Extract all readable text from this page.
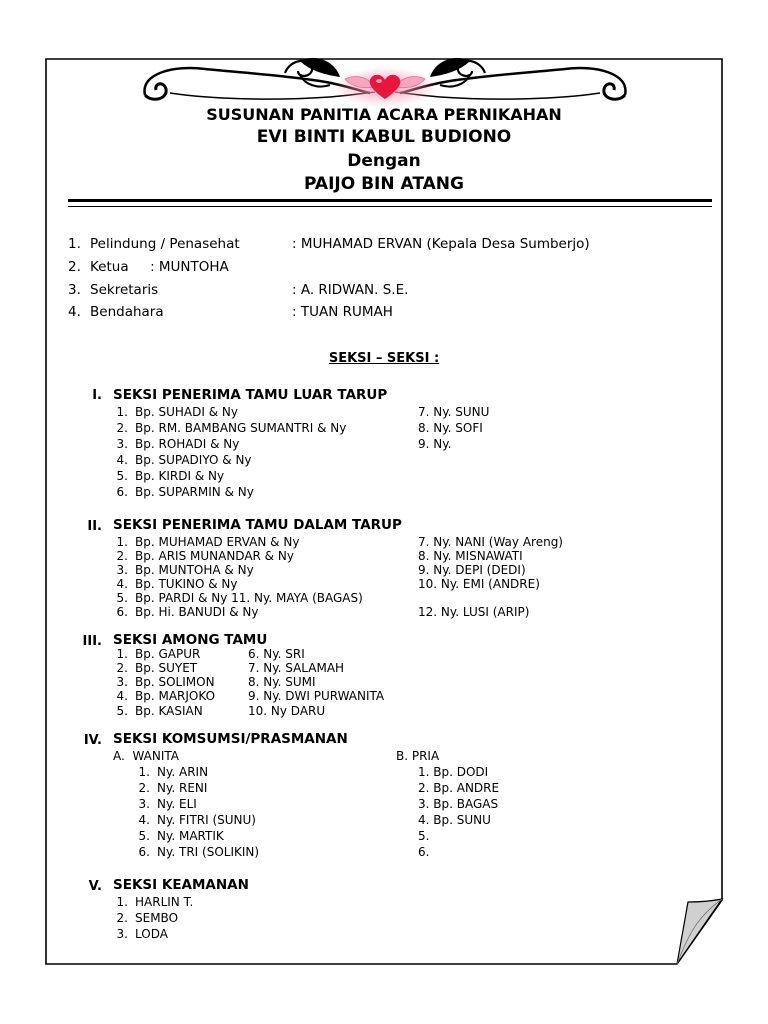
SUSUNAN PANITIA ACARA PERNIKAHAN
EVI BINTI KABUL BUDIONO
Dengan
PAIJO BIN ATANG
1. Pelindung / Penasehat	: MUHAMAD ERVAN (Kepala Desa Sumberjo)
2. Ketua     : MUNTOHA
3. Sekretaris	: A. RIDWAN. S.E.
4. Bendahara	: TUAN RUMAH
SEKSI – SEKSI :
I. SEKSI PENERIMA TAMU LUAR TARUP
1. Bp. SUHADI & Ny
2. Bp. RM. BAMBANG SUMANTRI & Ny
3. Bp. ROHADI & Ny
4. Bp. SUPADIYO & Ny
5. Bp. KIRDI & Ny
6. Bp. SUPARMIN & Ny
7. Ny. SUNU
8. Ny. SOFI
9. Ny.
II. SEKSI PENERIMA TAMU DALAM TARUP
1. Bp. MUHAMAD ERVAN & Ny
2. Bp. ARIS MUNANDAR & Ny
3. Bp. MUNTOHA & Ny
4. Bp. TUKINO & Ny
5. Bp. PARDI & Ny 11. Ny. MAYA (BAGAS)
6. Bp. Hi. BANUDI & Ny
7. Ny. NANI (Way Areng)
8. Ny. MISNAWATI
9. Ny. DEPI (DEDI)
10. Ny. EMI (ANDRE)
12. Ny. LUSI (ARIP)
III. SEKSI AMONG TAMU
1. Bp. GAPUR
2. Bp. SUYET
3. Bp. SOLIMON
4. Bp. MARJOKO
5. Bp. KASIAN
6. Ny. SRI
7. Ny. SALAMAH
8. Ny. SUMI
9. Ny. DWI PURWANITA
10. Ny DARU
IV. SEKSI KOMSUMSI/PRASMANAN
A.  WANITA	B. PRIA
1. Ny. ARIN
2. Ny. RENI
3. Ny. ELI
4. Ny. FITRI (SUNU)
5. Ny. MARTIK
6. Ny. TRI (SOLIKIN)
1. Bp. DODI
2. Bp. ANDRE
3. Bp. BAGAS
4. Bp. SUNU
5.
6.
V. SEKSI KEAMANAN
1. HARLIN T.
2. SEMBO
3. LODA
